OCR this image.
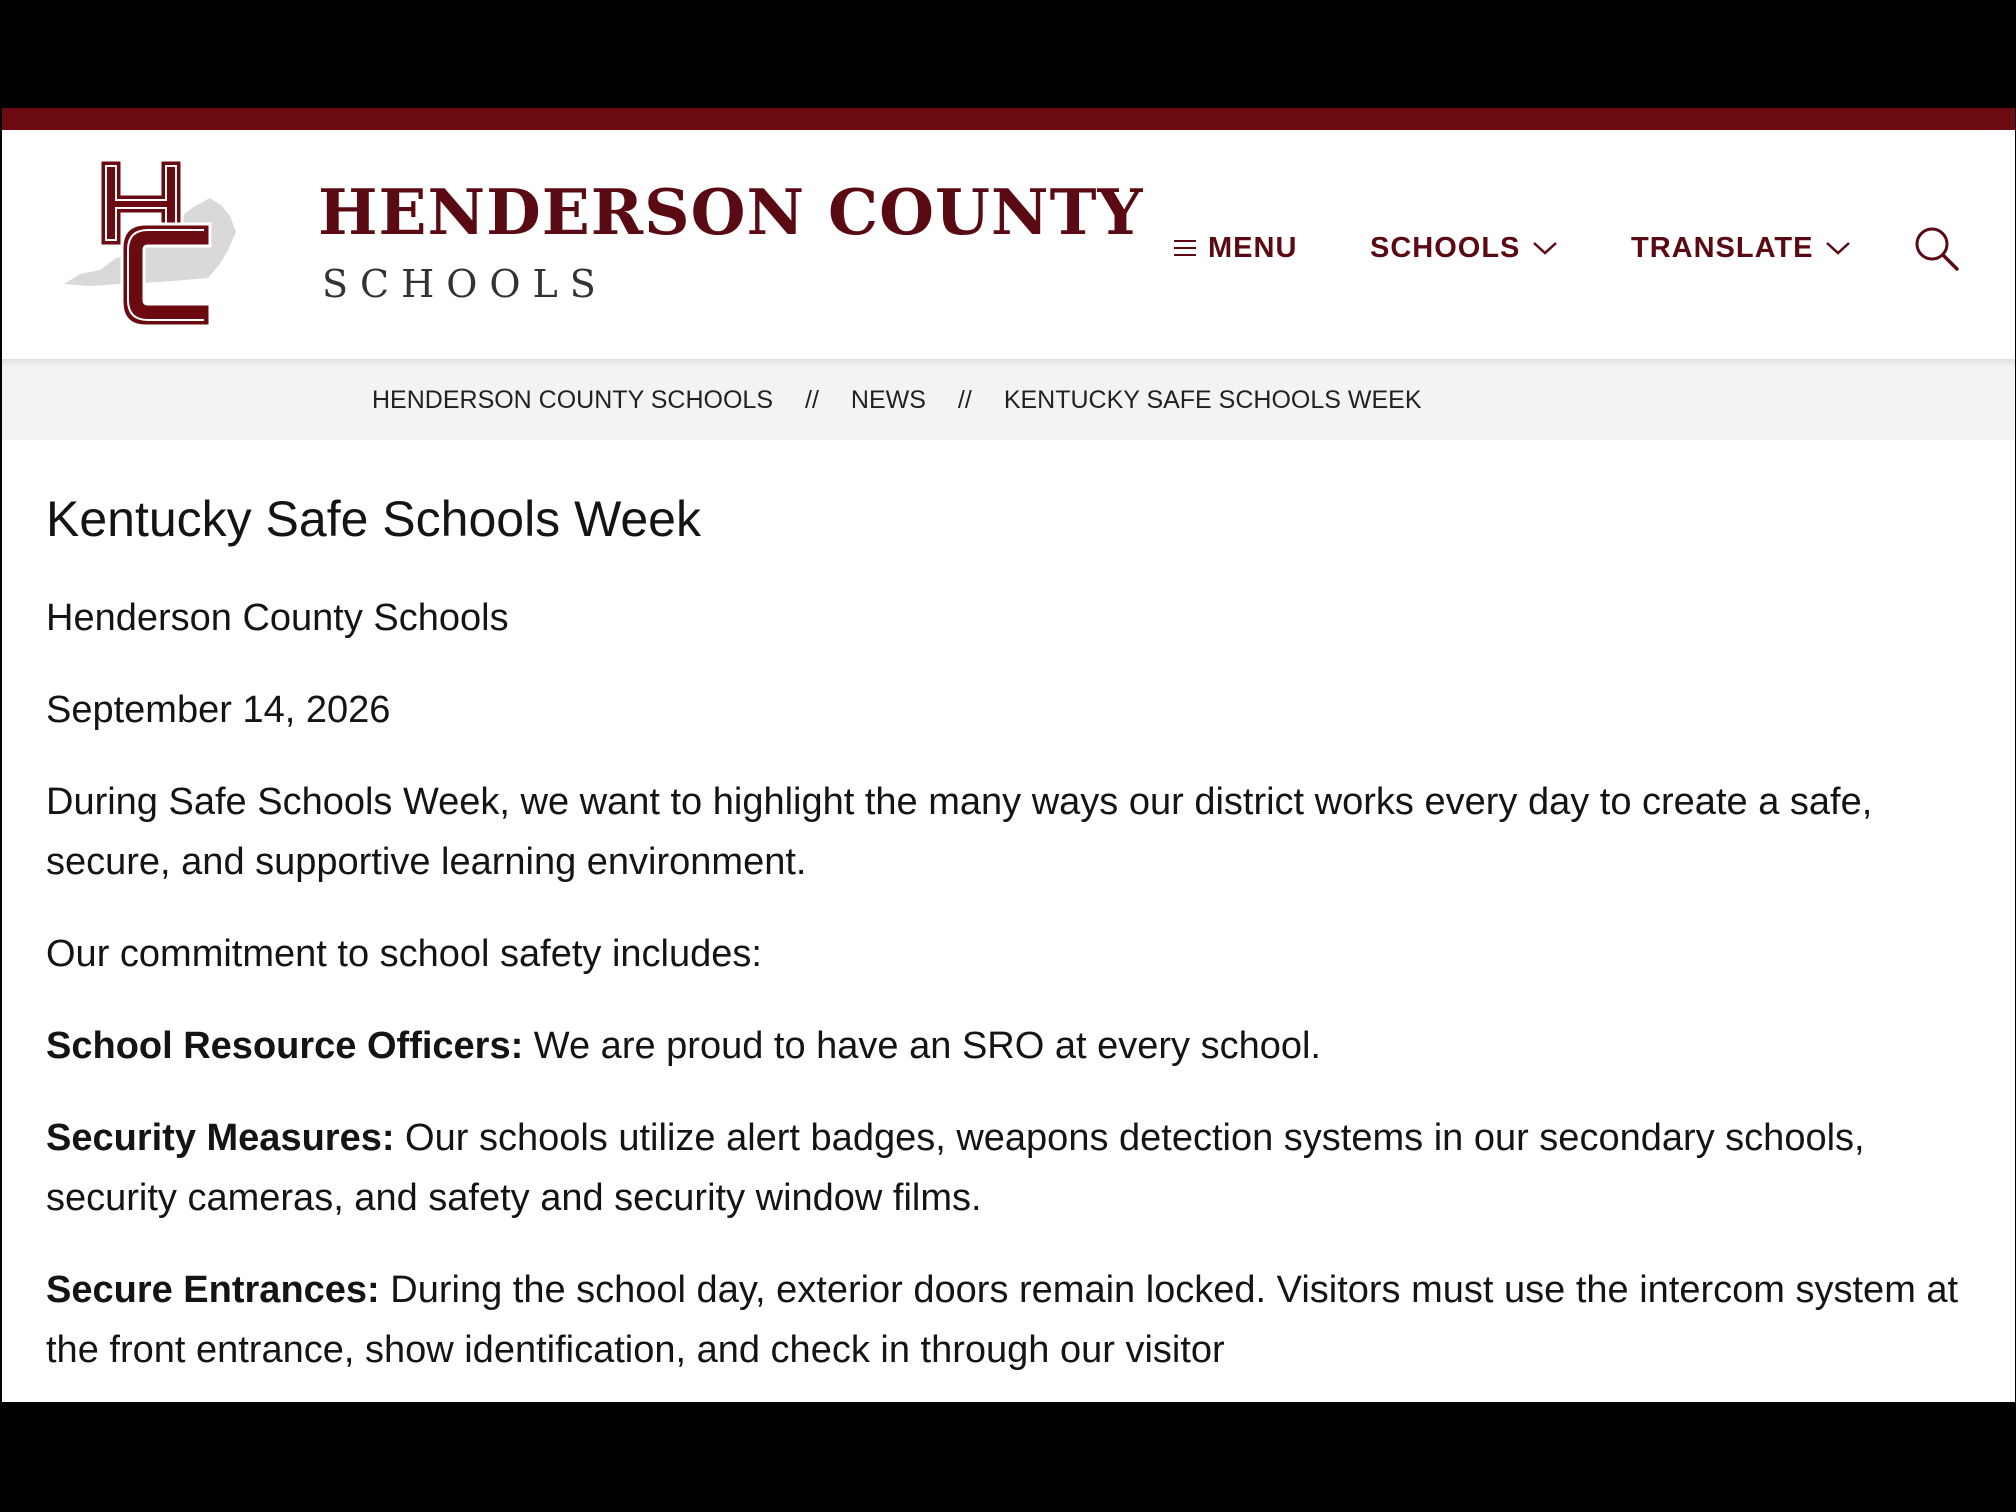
HENDERSON COUNTY
SCHOOLS
MENU	SCHOOLS	TRANSLATE
HENDERSON COUNTY SCHOOLS // NEWS // KENTUCKY SAFE SCHOOLS WEEK
Kentucky Safe Schools Week

Henderson County Schools

September 14, 2026

During Safe Schools Week, we want to highlight the many ways our district works every day to create a safe, secure, and supportive learning environment.

Our commitment to school safety includes:

School Resource Officers: We are proud to have an SRO at every school.

Security Measures: Our schools utilize alert badges, weapons detection systems in our secondary schools, security cameras, and safety and security window films.

Secure Entrances: During the school day, exterior doors remain locked. Visitors must use the intercom system at the front entrance, show identification, and check in through our visitor
